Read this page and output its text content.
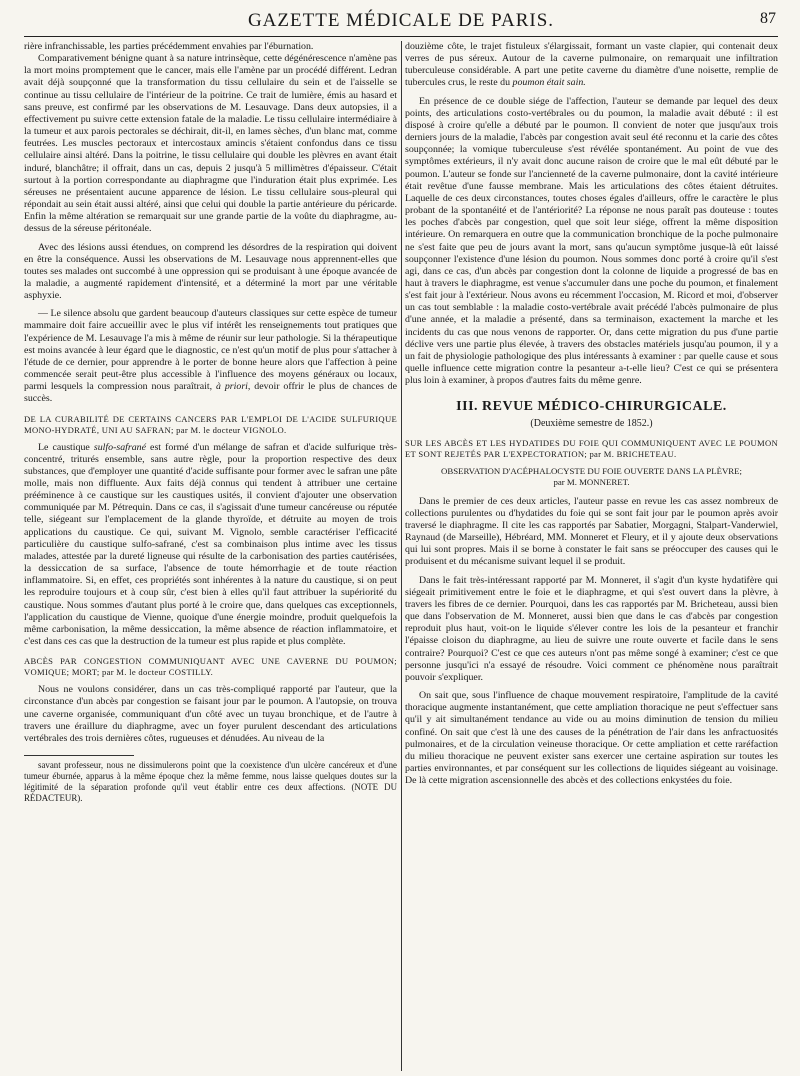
GAZETTE MÉDICALE DE PARIS.	87

rière infranchissable, les parties précédemment envahies par l'éburnation.

Comparativement bénigne quant à sa nature intrinsèque, cette dégénérescence n'amène pas la mort moins promptement que le cancer, mais elle l'amène par un procédé différent. Ledran avait déjà soupçonné que la transformation du tissu cellulaire du sein et de l'aisselle se continue au tissu cellulaire de l'intérieur de la poitrine. Ce trait de lumière, émis au hasard et sans preuve, est confirmé par les observations de M. Lesauvage. Dans deux autopsies, il a effectivement pu suivre cette extension fatale de la maladie. Le tissu cellulaire intermédiaire à la tumeur et aux parois pectorales se déchirait, dit-il, en lames sèches, d'un blanc mat, comme feutrées. Les muscles pectoraux et intercostaux amincis s'étaient confondus dans ce tissu cellulaire ainsi altéré. Dans la poitrine, le tissu cellulaire qui double les plèvres en avant était induré, blanchâtre; il offrait, dans un cas, depuis 2 jusqu'à 5 millimètres d'épaisseur. C'était surtout à la portion correspondante au diaphragme que l'induration était plus exprimée. Les séreuses ne présentaient aucune apparence de lésion. Le tissu cellulaire sous-pleural qui répondait au sein était aussi altéré, ainsi que celui qui double la partie antérieure du péricarde. Enfin la même altération se remarquait sur une grande partie de la voûte du diaphragme, au-dessus de la séreuse péritonéale.

Avec des lésions aussi étendues, on comprend les désordres de la respiration qui doivent en être la conséquence. Aussi les observations de M. Lesauvage nous apprennent-elles que toutes ses malades ont succombé à une oppression qui se produisant à une époque avancée de la maladie, a augmenté rapidement d'intensité, et a déterminé la mort par une véritable asphyxie.

— Le silence absolu que gardent beaucoup d'auteurs classiques sur cette espèce de tumeur mammaire doit faire accueillir avec le plus vif intérêt les renseignements tout pratiques que l'expérience de M. Lesauvage l'a mis à même de réunir sur leur pathologie. Si la thérapeutique est moins avancée à leur égard que le diagnostic, ce n'est qu'un motif de plus pour s'attacher à l'étude de ce dernier, pour apprendre à le porter de bonne heure alors que l'affection à peine commencée serait peut-être plus accessible à l'influence des moyens généraux ou locaux, parmi lesquels la compression nous paraîtrait, à priori, devoir offrir le plus de chances de succès.

DE LA CURABILITÉ DE CERTAINS CANCERS PAR L'EMPLOI DE L'ACIDE SULFURIQUE MONO-HYDRATÉ, UNI AU SAFRAN; par M. le docteur VIGNOLO.

Le caustique sulfo-safrané est formé d'un mélange de safran et d'acide sulfurique très-concentré, triturés ensemble, sans autre règle, pour la proportion respective des deux substances, que d'employer une quantité d'acide suffisante pour former avec le safran une pâte molle, mais non diffluente. Aux faits déjà connus qui tendent à attribuer une certaine prééminence à ce caustique sur les caustiques usités, il convient d'ajouter une observation communiquée par M. Pétrequin. Dans ce cas, il s'agissait d'une tumeur cancéreuse ou réputée telle, siégeant sur l'emplacement de la glande thyroïde, et détruite au moyen de trois applications du caustique. Ce qui, suivant M. Vignolo, semble caractériser l'efficacité particulière du caustique sulfo-safrané, c'est sa combinaison plus intime avec les tissus malades, attestée par la dureté ligneuse qui résulte de la carbonisation des parties cautérisées, la dessiccation de sa surface, l'absence de toute hémorrhagie et de toute réaction inflammatoire. Si, en effet, ces propriétés sont inhérentes à la nature du caustique, si on peut les reproduire toujours et à coup sûr, c'est bien à elles qu'il faut attribuer la supériorité du caustique. Nous sommes d'autant plus porté à le croire que, dans quelques cas exceptionnels, l'application du caustique de Vienne, quoique d'une énergie moindre, produit quelquefois la même carbonisation, la même dessiccation, la même absence de réaction inflammatoire, et c'est dans ces cas que la destruction de la tumeur est plus rapide et plus complète.

ABCÈS PAR CONGESTION COMMUNIQUANT AVEC UNE CAVERNE DU POUMON; VOMIQUE; MORT; par M. le docteur COSTILLY.

Nous ne voulons considérer, dans un cas très-compliqué rapporté par l'auteur, que la circonstance d'un abcès par congestion se faisant jour par le poumon. A l'autopsie, on trouva une caverne organisée, communiquant d'un côté avec un tuyau bronchique, et de l'autre à travers une éraillure du diaphragme, avec un foyer purulent descendant des articulations vertébrales des trois dernières côtes, rugueuses et dénudées. Au niveau de la

savant professeur, nous ne dissimulerons point que la coexistence d'un ulcère cancéreux et d'une tumeur éburnée, apparus à la même époque chez la même femme, nous laisse quelques doutes sur la légitimité de la séparation profonde qu'il veut établir entre ces deux affections. (NOTE DU RÉDACTEUR).

douzième côte, le trajet fistuleux s'élargissait, formant un vaste clapier, qui contenait deux verres de pus séreux. Autour de la caverne pulmonaire, on remarquait une infiltration tuberculeuse considérable. A part une petite caverne du diamètre d'une noisette, remplie de tubercules crus, le reste du poumon était sain.

En présence de ce double siége de l'affection, l'auteur se demande par lequel des deux points, des articulations costo-vertébrales ou du poumon, la maladie avait débuté : il est disposé à croire qu'elle a débuté par le poumon. Il convient de noter que jusqu'aux trois derniers jours de la maladie, l'abcès par congestion avait seul été reconnu et la carie des côtes soupçonnée; la vomique tuberculeuse s'est révélée spontanément. Au point de vue des symptômes extérieurs, il n'y avait donc aucune raison de croire que le mal eût débuté par le poumon. L'auteur se fonde sur l'ancienneté de la caverne pulmonaire, dont la cavité intérieure était revêtue d'une fausse membrane. Mais les articulations des côtes étaient détruites. Laquelle de ces deux circonstances, toutes choses égales d'ailleurs, offre le caractère le plus probant de la spontanéité et de l'antériorité? La réponse ne nous paraît pas douteuse : toutes les poches d'abcès par congestion, quel que soit leur siége, offrent la même disposition intérieure. On remarquera en outre que la communication bronchique de la poche pulmonaire ne s'est faite que peu de jours avant la mort, sans qu'aucun symptôme jusque-là eût laissé soupçonner l'existence d'une lésion du poumon. Nous sommes donc porté à croire qu'il s'est agi, dans ce cas, d'un abcès par congestion dont la colonne de liquide a progressé de bas en haut à travers le diaphragme, est venue s'accumuler dans une poche du poumon, et finalement s'est fait jour à l'extérieur. Nous avons eu récemment l'occasion, M. Ricord et moi, d'observer un cas tout semblable : la maladie costo-vertébrale avait précédé l'abcès pulmonaire de plus d'une année, et la maladie a présenté, dans sa terminaison, exactement la marche et les incidents du cas que nous venons de rapporter. Or, dans cette migration du pus d'une partie déclive vers une partie plus élevée, à travers des obstacles matériels jusqu'au poumon, il y a un fait de physiologie pathologique des plus intéressants à examiner : par quelle cause et sous quelle influence cette migration contre la pesanteur a-t-elle lieu? C'est ce qui se présentera plus loin à examiner, à propos d'autres faits du même genre.

III. REVUE MÉDICO-CHIRURGICALE.
(Deuxième semestre de 1852.)
SUR LES ABCÈS ET LES HYDATIDES DU FOIE QUI COMMUNIQUENT AVEC LE POUMON ET SONT REJETÉS PAR L'EXPECTORATION; par M. BRICHETEAU.
OBSERVATION D'ACÉPHALOCYSTE DU FOIE OUVERTE DANS LA PLÈVRE;
par M. MONNERET.

Dans le premier de ces deux articles, l'auteur passe en revue les cas assez nombreux de collections purulentes ou d'hydatides du foie qui se sont fait jour par le poumon après avoir traversé le diaphragme. Il cite les cas rapportés par Sabatier, Morgagni, Stalpart-Vanderwiel, Raynaud (de Marseille), Hébréard, MM. Monneret et Fleury, et il y ajoute deux observations qui lui sont propres. Mais il se borne à constater le fait sans se préoccuper des causes qui le produisent et du mécanisme suivant lequel il se produit.

Dans le fait très-intéressant rapporté par M. Monneret, il s'agit d'un kyste hydatifère qui siégeait primitivement entre le foie et le diaphragme, et qui s'est ouvert dans la plèvre, à travers les fibres de ce dernier. Pourquoi, dans les cas rapportés par M. Bricheteau, aussi bien que dans l'observation de M. Monneret, aussi bien que dans le cas d'abcès par congestion reproduit plus haut, voit-on le liquide s'élever contre les lois de la pesanteur et franchir l'épaisse cloison du diaphragme, au lieu de suivre une route ouverte et facile dans le sens contraire? Pourquoi? C'est ce que ces auteurs n'ont pas même songé à examiner; c'est ce que personne jusqu'ici n'a essayé de résoudre. Voici comment ce phénomène nous paraîtrait pouvoir s'expliquer.

On sait que, sous l'influence de chaque mouvement respiratoire, l'amplitude de la cavité thoracique augmente instantanément, que cette ampliation thoracique ne peut s'effectuer sans qu'il y ait simultanément tendance au vide ou au moins diminution de tension du milieu confiné. On sait que c'est là une des causes de la pénétration de l'air dans les anfractuosités pulmonaires, et de la circulation veineuse thoracique. Or cette ampliation et cette raréfaction du milieu thoracique ne peuvent exister sans exercer une certaine aspiration sur toutes les parties environnantes, et par conséquent sur les collections de liquides siégeant au voisinage. De là cette migration ascensionnelle des abcès et des collections enkystées du foie.
